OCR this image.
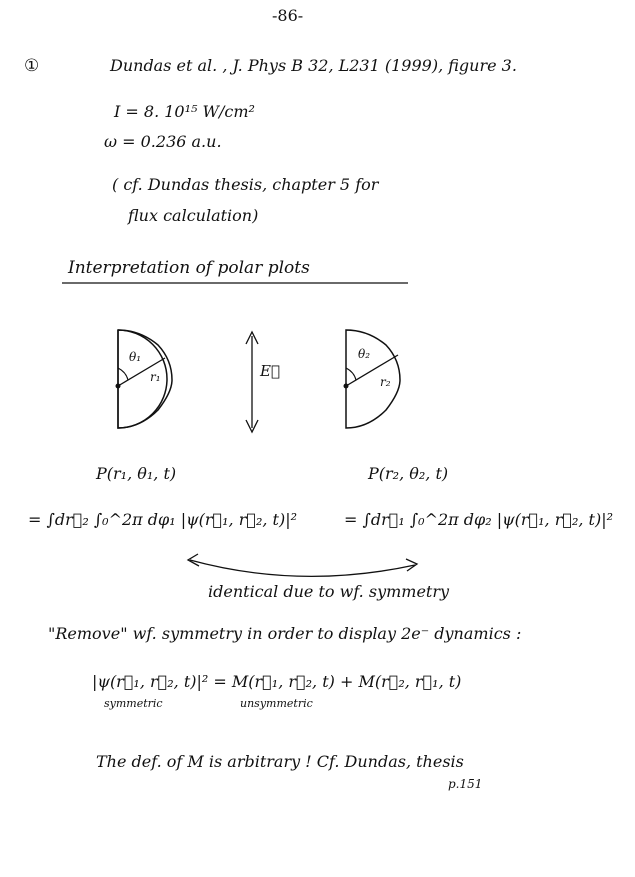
-86-
①	Dundas et al. , J. Phys B 32, L231 (1999), figure 3.
I = 8. 10¹⁵ W/cm²
ω = 0.236 a.u.
( cf. Dundas thesis, chapter 5 for
flux calculation)
Interpretation of polar plots
θ₁
r₁	E⃗
θ₂
r₂
P(r₁, θ₁, t)	P(r₂, θ₂, t)
= ∫dr⃗₂ ∫₀^2π dφ₁ |ψ(r⃗₁, r⃗₂, t)|²	= ∫dr⃗₁ ∫₀^2π dφ₂ |ψ(r⃗₁, r⃗₂, t)|²
identical due to wf. symmetry
"Remove" wf. symmetry in order to display 2e⁻ dynamics :
|ψ(r⃗₁, r⃗₂, t)|² = M(r⃗₁, r⃗₂, t) + M(r⃗₂, r⃗₁, t)
symmetric	unsymmetric
The def. of M is arbitrary ! Cf. Dundas, thesis
p.151
